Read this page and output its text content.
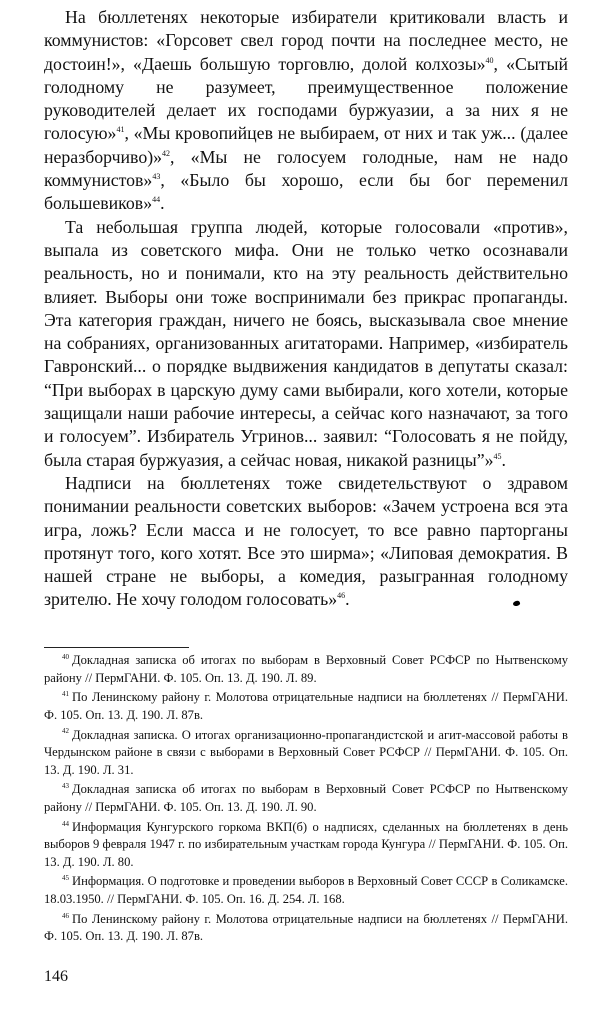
На бюллетенях некоторые избиратели критиковали власть и коммунистов: «Горсовет свел город почти на последнее место, не достоин!», «Даешь большую торговлю, долой колхозы»$^{40}$, «Сытый голодному не разумеет, преимущественное положение руководителей делает их господами буржуазии, а за них я не голосую»$^{41}$, «Мы кровопийцев не выбираем, от них и так уж... (далее неразборчиво)»$^{42}$, «Мы не голосуем голодные, нам не надо коммунистов»$^{43}$, «Было бы хорошо, если бы бог переменил большевиков»$^{44}$.

Та небольшая группа людей, которые голосовали «против», выпала из советского мифа. Они не только четко осознавали реальность, но и понимали, кто на эту реальность действительно влияет. Выборы они тоже воспринимали без прикрас пропаганды. Эта категория граждан, ничего не боясь, высказывала свое мнение на собраниях, организованных агитаторами. Например, «избиратель Гавронский... о порядке выдвижения кандидатов в депутаты сказал: “При выборах в царскую думу сами выбирали, кого хотели, которые защищали наши рабочие интересы, а сейчас кого назначают, за того и голосуем”. Избиратель Угринов... заявил: “Голосовать я не пойду, была старая буржуазия, а сейчас новая, никакой разницы”»$^{45}$.

Надписи на бюллетенях тоже свидетельствуют о здравом понимании реальности советских выборов: «Зачем устроена вся эта игра, ложь? Если масса и не голосует, то все равно парторганы протянут того, кого хотят. Все это ширма»; «Липовая демократия. В нашей стране не выборы, а комедия, разыгранная голодному зрителю. Не хочу голодом голосовать»$^{46}$.

$^{40}$ Докладная записка об итогах по выборам в Верховный Совет РСФСР по Нытвенскому району // ПермГАНИ. Ф. 105. Оп. 13. Д. 190. Л. 89.

$^{41}$ По Ленинскому району г. Молотова отрицательные надписи на бюллетенях // ПермГАНИ. Ф. 105. Оп. 13. Д. 190. Л. 87в.

$^{42}$ Докладная записка. О итогах организационно-пропагандистской и агит-массовой работы в Чердынском районе в связи с выборами в Верховный Совет РСФСР // ПермГАНИ. Ф. 105. Оп. 13. Д. 190. Л. 31.

$^{43}$ Докладная записка об итогах по выборам в Верховный Совет РСФСР по Нытвенскому району // ПермГАНИ. Ф. 105. Оп. 13. Д. 190. Л. 90.

$^{44}$ Информация Кунгурского горкома ВКП(б) о надписях, сделанных на бюллетенях в день выборов 9 февраля 1947 г. по избирательным участкам города Кунгура // ПермГАНИ. Ф. 105. Оп. 13. Д. 190. Л. 80.

$^{45}$ Информация. О подготовке и проведении выборов в Верховный Совет СССР в Соликамске. 18.03.1950. // ПермГАНИ. Ф. 105. Оп. 16. Д. 254. Л. 168.

$^{46}$ По Ленинскому району г. Молотова отрицательные надписи на бюллетенях // ПермГАНИ. Ф. 105. Оп. 13. Д. 190. Л. 87в.

146
